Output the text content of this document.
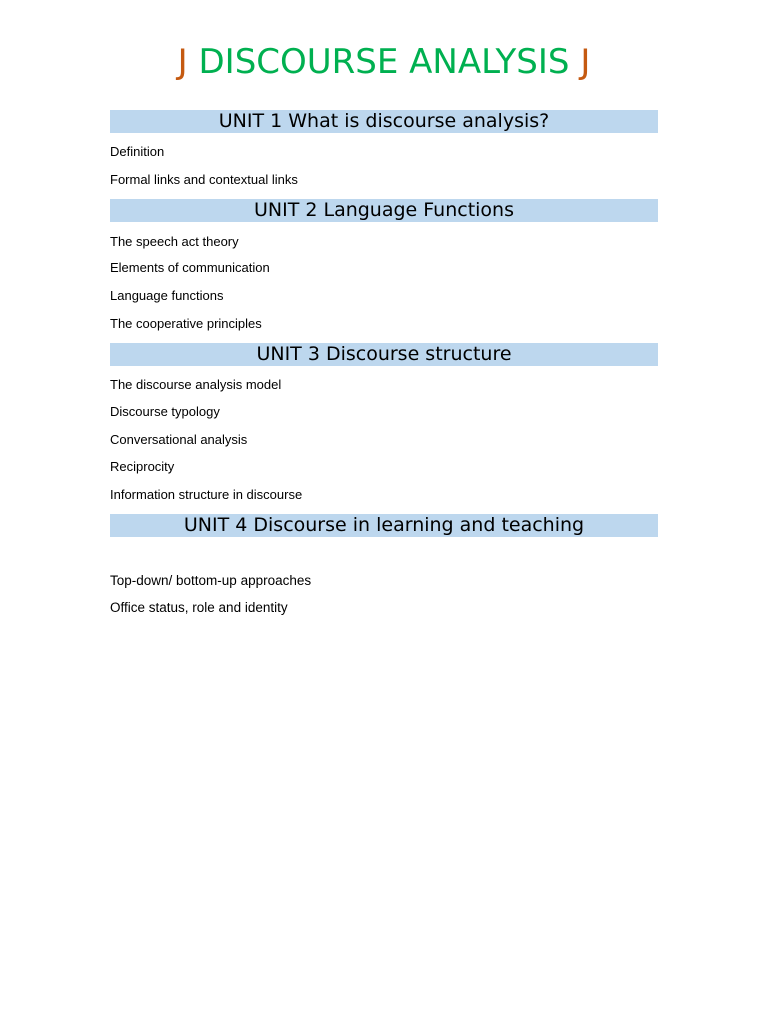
J DISCOURSE ANALYSIS J
UNIT 1 What is discourse analysis?
Definition
Formal links and contextual links
UNIT 2 Language Functions
The speech act theory
Elements of communication
Language functions
The cooperative principles
UNIT 3 Discourse structure
The discourse analysis model
Discourse typology
Conversational analysis
Reciprocity
Information structure in discourse
UNIT 4 Discourse in learning and teaching
Top-down/ bottom-up approaches
Office status, role and identity
